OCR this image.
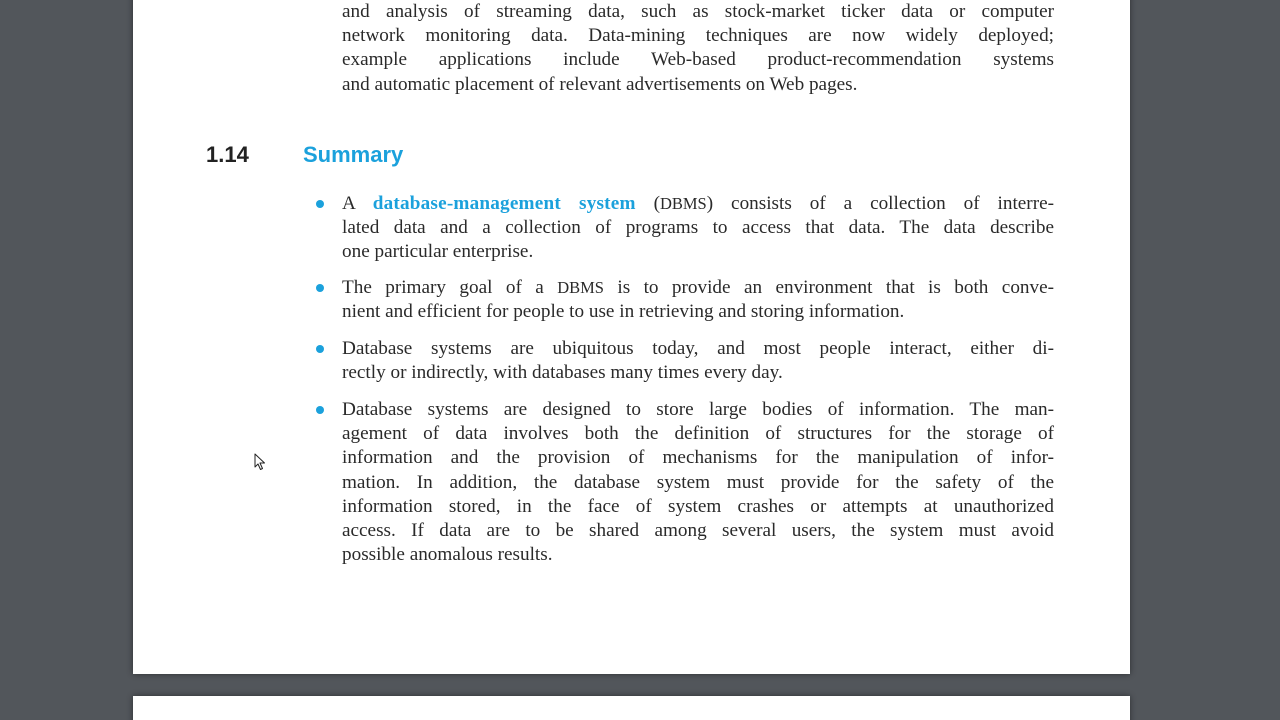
and analysis of streaming data, such as stock-market ticker data or computer
network monitoring data. Data-mining techniques are now widely deployed;
example applications include Web-based product-recommendation systems
and automatic placement of relevant advertisements on Web pages.
1.14 Summary
A database-management system (DBMS) consists of a collection of interre-
lated data and a collection of programs to access that data. The data describe
one particular enterprise.
The primary goal of a DBMS is to provide an environment that is both conve-
nient and efficient for people to use in retrieving and storing information.
Database systems are ubiquitous today, and most people interact, either di-
rectly or indirectly, with databases many times every day.
Database systems are designed to store large bodies of information. The man-
agement of data involves both the definition of structures for the storage of
information and the provision of mechanisms for the manipulation of infor-
mation. In addition, the database system must provide for the safety of the
information stored, in the face of system crashes or attempts at unauthorized
access. If data are to be shared among several users, the system must avoid
possible anomalous results.
